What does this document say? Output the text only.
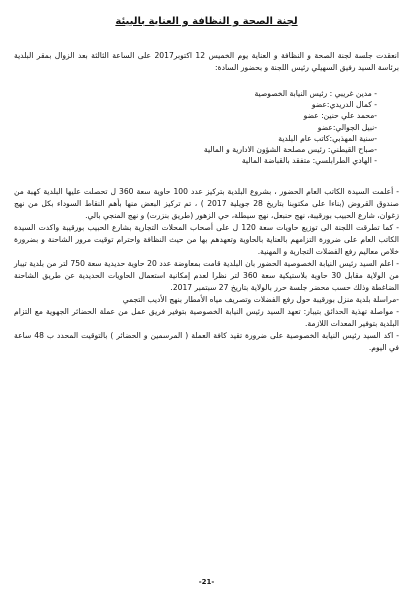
لجنة الصحة و النظافة و العناية بالبيئة

انعقدت جلسة لجنة الصحة و النظافة و العناية يوم الخميس 12 اكتوبر2017 على الساعة الثالثة بعد الزوال بمقر البلدية برئاسة السيد رفيق السهيلي رئيس اللجنة و بحضور السادة:

- مدين غريبي : رئيس النيابة الخصوصية
- كمال الدريدي:عضو
-محمد علي حنين: عضو
-نبيل الجوالي:عضو
-سنية المهذبي:كاتب عام البلدية
-صباح القيطني: رئيس مصلحة الشؤون الادارية و المالية
- الهادي الطرابلسي: متفقد بالقباضة المالية
- أعلمت السيدة الكاتب العام الحضور ، بشروع البلدية بتركيز عدد 100 حاوية سعة 360 ل تحصلت عليها البلدية كهبة من صندوق القروض (بناءا على مكتوبنا بتاريخ 28 جويلية 2017 ) ، تم تركيز البعض منها بأهم النقاط السوداء بكل من نهج زغوان، شارع الحبيب بورقيبة، نهج حنبعل، نهج سيطلة، حي الزهور (طريق بنزرت) و نهج المنجي بالي.
- كما تطرقت اللجنة الى توزيع حاويات سعة 120 ل على أصحاب المحلات التجارية بشارع الحبيب بورقيبة واكدت السيدة الكاتب العام على ضرورة التزامهم بالعناية بالحاوية وتعهدهم بها من حيث النظافة واحترام توقيت مرور الشاحنة و بضرورة خلاص معاليم رفع الفضلات التجارية و المهنية.
- اعلم السيد رئيس النيابة الخصوصية الحضور بان البلدية قامت بمعاوضة عدد 20 حاوية حديدية سعة 750 لتر من بلدية تيبار من الولاية مقابل 30 حاوية بلاستيكية سعة 360 لتر نظرا لعدم إمكانية استعمال الحاويات الحديدية عن طريق الشاحنة الضاغطة وذلك حسب محضر جلسة حرر بالولاية بتاريخ 27 سبتمبر 2017.
-مراسلة بلدية منزل بورقيبة حول رفع الفضلات وتصريف مياه الأمطار بنهج الأديب التجمي
- مواصلة تهذية الحدائق بتيبار: تعهد السيد رئيس النيابة الخصوصية بتوفير فريق عمل من عملة الحضائر الجهوية مع التزام البلدية بتوفير المعدات اللازمة.
- اكد السيد رئيس النيابة الخصوصية على ضرورة تقيد كافة العملة ( المرسمين و الحضائر ) بالتوقيت المحدد ب 48 ساعة في اليوم.
-21-
